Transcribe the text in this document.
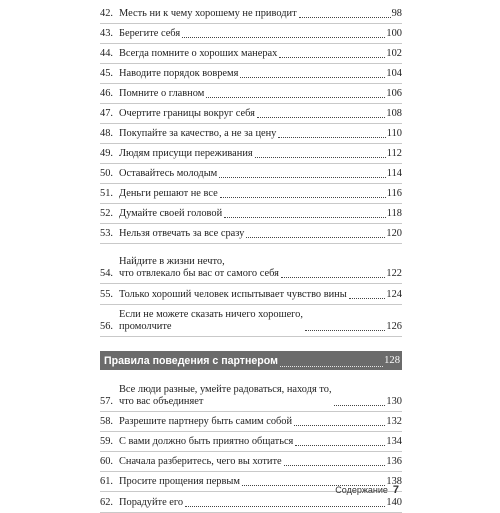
42. Месть ни к чему хорошему не приводит	98
43. Берегите себя	100
44. Всегда помните о хороших манерах	102
45. Наводите порядок вовремя	104
46. Помните о главном	106
47. Очертите границы вокруг себя	108
48. Покупайте за качество, а не за цену	110
49. Людям присущи переживания	112
50. Оставайтесь молодым	114
51. Деньги решают не все	116
52. Думайте своей головой	118
53. Нельзя отвечать за все сразу	120
54.
Найдите в жизни нечто,
что отвлекало бы вас от самого себя	122
55. Только хороший человек испытывает чувство вины	124
56.
Если не можете сказать ничего хорошего,
промолчите	126
Правила поведения с партнером	128
57.
Все люди разные, умейте радоваться, находя то,
что вас объединяет	130
58. Разрешите партнеру быть самим собой	132
59. С вами должно быть приятно общаться	134
60. Сначала разберитесь, чего вы хотите	136
61. Просите прощения первым	138
62. Порадуйте его	140
Содержание 7
